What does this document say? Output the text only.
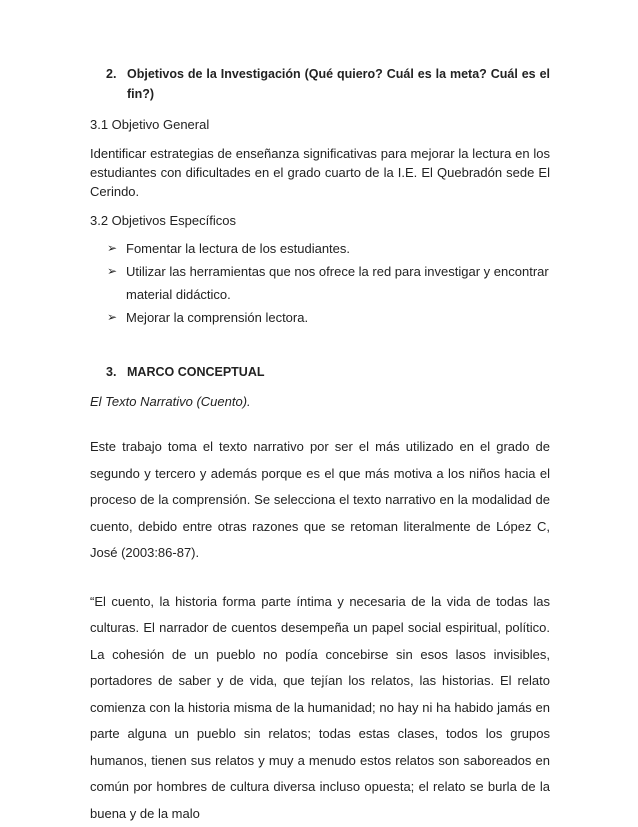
2. Objetivos de la Investigación (Qué quiero? Cuál es la meta? Cuál es el fin?)
3.1 Objetivo General
Identificar estrategias de enseñanza significativas para mejorar la lectura en los estudiantes con dificultades en el grado cuarto de la I.E. El Quebradón sede El Cerindo.
3.2 Objetivos Específicos
➢ Fomentar la lectura de los estudiantes.
➢ Utilizar las herramientas que nos ofrece la red para investigar y encontrar material didáctico.
➢ Mejorar la comprensión lectora.
3. MARCO CONCEPTUAL
El Texto Narrativo (Cuento).
Este trabajo toma el texto narrativo por ser el más utilizado en el grado de segundo y tercero y además porque es el que más motiva a los niños hacia el proceso de la comprensión. Se selecciona el texto narrativo en la modalidad de cuento, debido entre otras razones que se retoman literalmente de López C, José (2003:86-87).
“El cuento, la historia forma parte íntima y necesaria de la vida de todas las culturas. El narrador de cuentos desempeña un papel social espiritual, político. La cohesión de un pueblo no podía concebirse sin esos lasos invisibles, portadores de saber y de vida, que tejían los relatos, las historias. El relato comienza con la historia misma de la humanidad; no hay ni ha habido jamás en parte alguna un pueblo sin relatos; todas estas clases, todos los grupos humanos, tienen sus relatos y muy a menudo estos relatos son saboreados en común por hombres de cultura diversa incluso opuesta; el relato se burla de la buena y de la malo
